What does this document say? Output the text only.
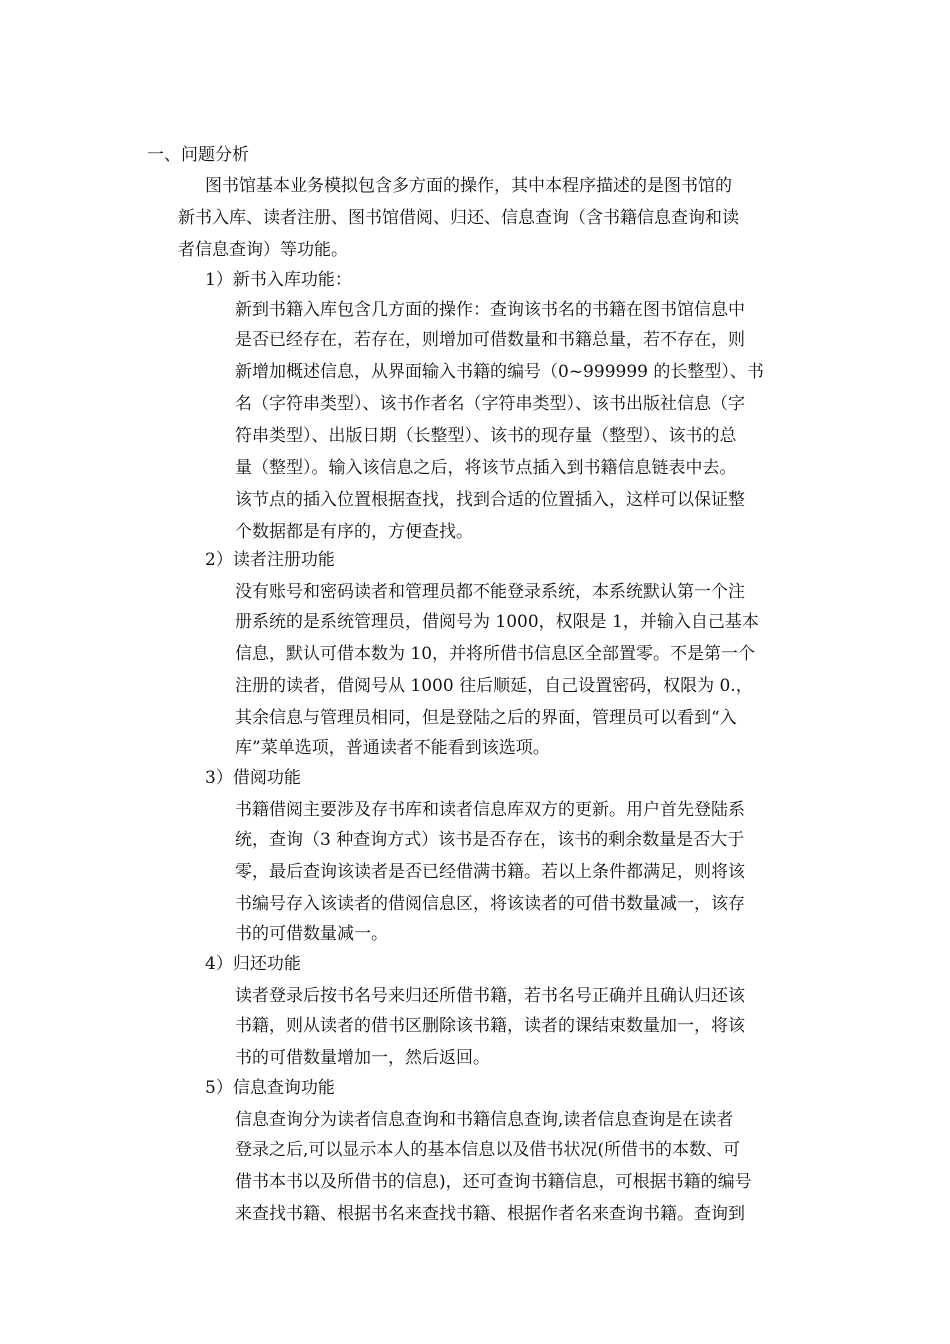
一、问题分析
图书馆基本业务模拟包含多方面的操作，其中本程序描述的是图书馆的
新书入库、读者注册、图书馆借阅、归还、信息查询（含书籍信息查询和读
者信息查询）等功能。
1）新书入库功能：
新到书籍入库包含几方面的操作：查询该书名的书籍在图书馆信息中
是否已经存在，若存在，则增加可借数量和书籍总量，若不存在，则
新增加概述信息，从界面输入书籍的编号（0~999999 的长整型）、书
名（字符串类型）、该书作者名（字符串类型）、该书出版社信息（字
符串类型）、出版日期（长整型）、该书的现存量（整型）、该书的总
量（整型）。输入该信息之后，将该节点插入到书籍信息链表中去。
该节点的插入位置根据查找，找到合适的位置插入，这样可以保证整
个数据都是有序的，方便查找。
2）读者注册功能
没有账号和密码读者和管理员都不能登录系统，本系统默认第一个注
册系统的是系统管理员，借阅号为 1000，权限是 1，并输入自己基本
信息，默认可借本数为 10，并将所借书信息区全部置零。不是第一个
注册的读者，借阅号从 1000 往后顺延，自己设置密码，权限为 0.，
其余信息与管理员相同，但是登陆之后的界面，管理员可以看到“入
库”菜单选项，普通读者不能看到该选项。
3）借阅功能
书籍借阅主要涉及存书库和读者信息库双方的更新。用户首先登陆系
统，查询（3 种查询方式）该书是否存在，该书的剩余数量是否大于
零，最后查询该读者是否已经借满书籍。若以上条件都满足，则将该
书编号存入该读者的借阅信息区，将该读者的可借书数量减一，该存
书的可借数量减一。
4）归还功能
读者登录后按书名号来归还所借书籍，若书名号正确并且确认归还该
书籍，则从读者的借书区删除该书籍，读者的课结束数量加一，将该
书的可借数量增加一，然后返回。
5）信息查询功能
信息查询分为读者信息查询和书籍信息查询,读者信息查询是在读者
登录之后,可以显示本人的基本信息以及借书状况(所借书的本数、可
借书本书以及所借书的信息)，还可查询书籍信息，可根据书籍的编号
来查找书籍、根据书名来查找书籍、根据作者名来查询书籍。查询到
